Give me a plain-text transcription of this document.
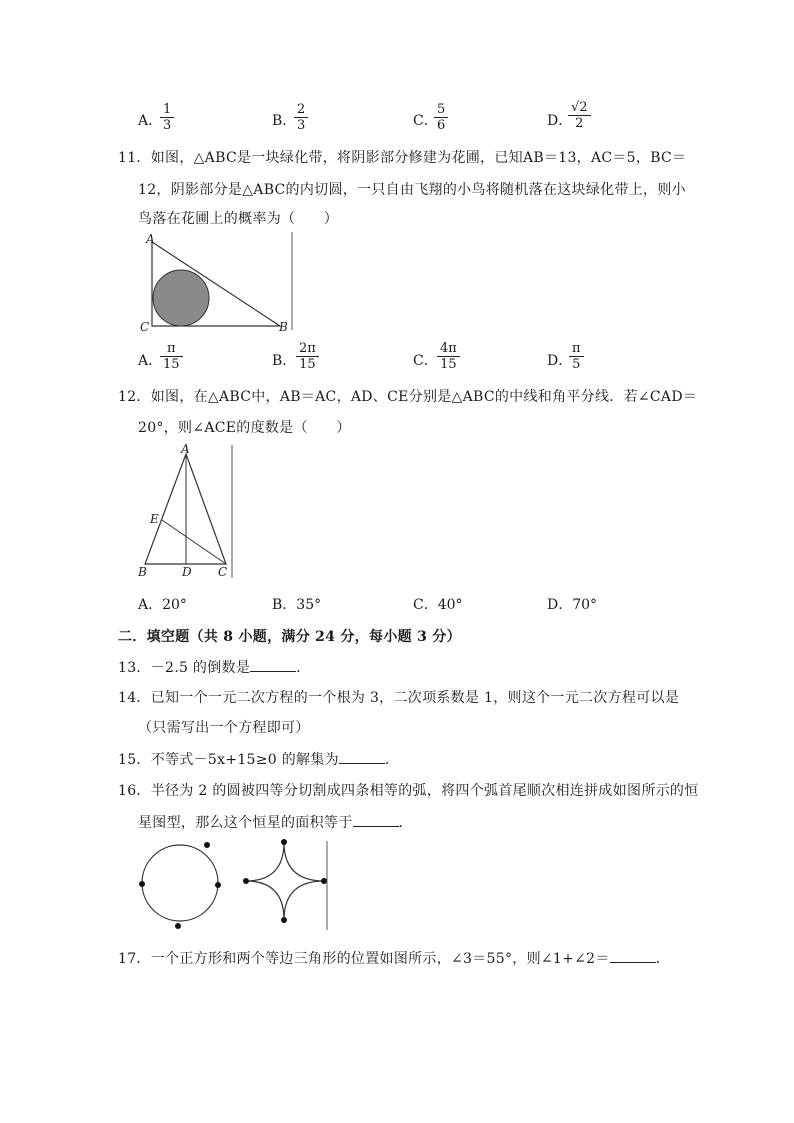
A．
$\frac{1}{3}$	B．
$\frac{2}{3}$	C．
$\frac{5}{6}$	D．
$\frac{√2}{2}$
11．如图，△ABC是一块绿化带，将阴影部分修建为花圃，已知AB＝13，AC＝5，BC＝
12，阴影部分是△ABC的内切圆，一只自由飞翔的小鸟将随机落在这块绿化带上，则小
鸟落在花圃上的概率为（　　）
A
C	B
A．
$\frac{\pi}{15}$	B． $\frac{2\pi}{15}$	C． $\frac{4\pi}{15}$	D．
$\frac{\pi}{5}$
12．如图，在△ABC中，AB＝AC，AD、CE分别是△ABC的中线和角平分线．若∠CAD＝
20°，则∠ACE的度数是（　　）
A
E
B	D C
A．20°	B．35°	C．40°	D．70°
二．填空题（共 8 小题，满分 24 分，每小题 3 分）
13．－2.5 的倒数是	．
14．已知一个一元二次方程的一个根为 3，二次项系数是 1，则这个一元二次方程可以是
（只需写出一个方程即可）
15．不等式－5x+15≥0 的解集为	．
16．半径为 2 的圆被四等分切割成四条相等的弧，将四个弧首尾顺次相连拼成如图所示的恒
星图型，那么这个恒星的面积等于	．
17．一个正方形和两个等边三角形的位置如图所示，∠3＝55°，则∠1+∠2＝	．
